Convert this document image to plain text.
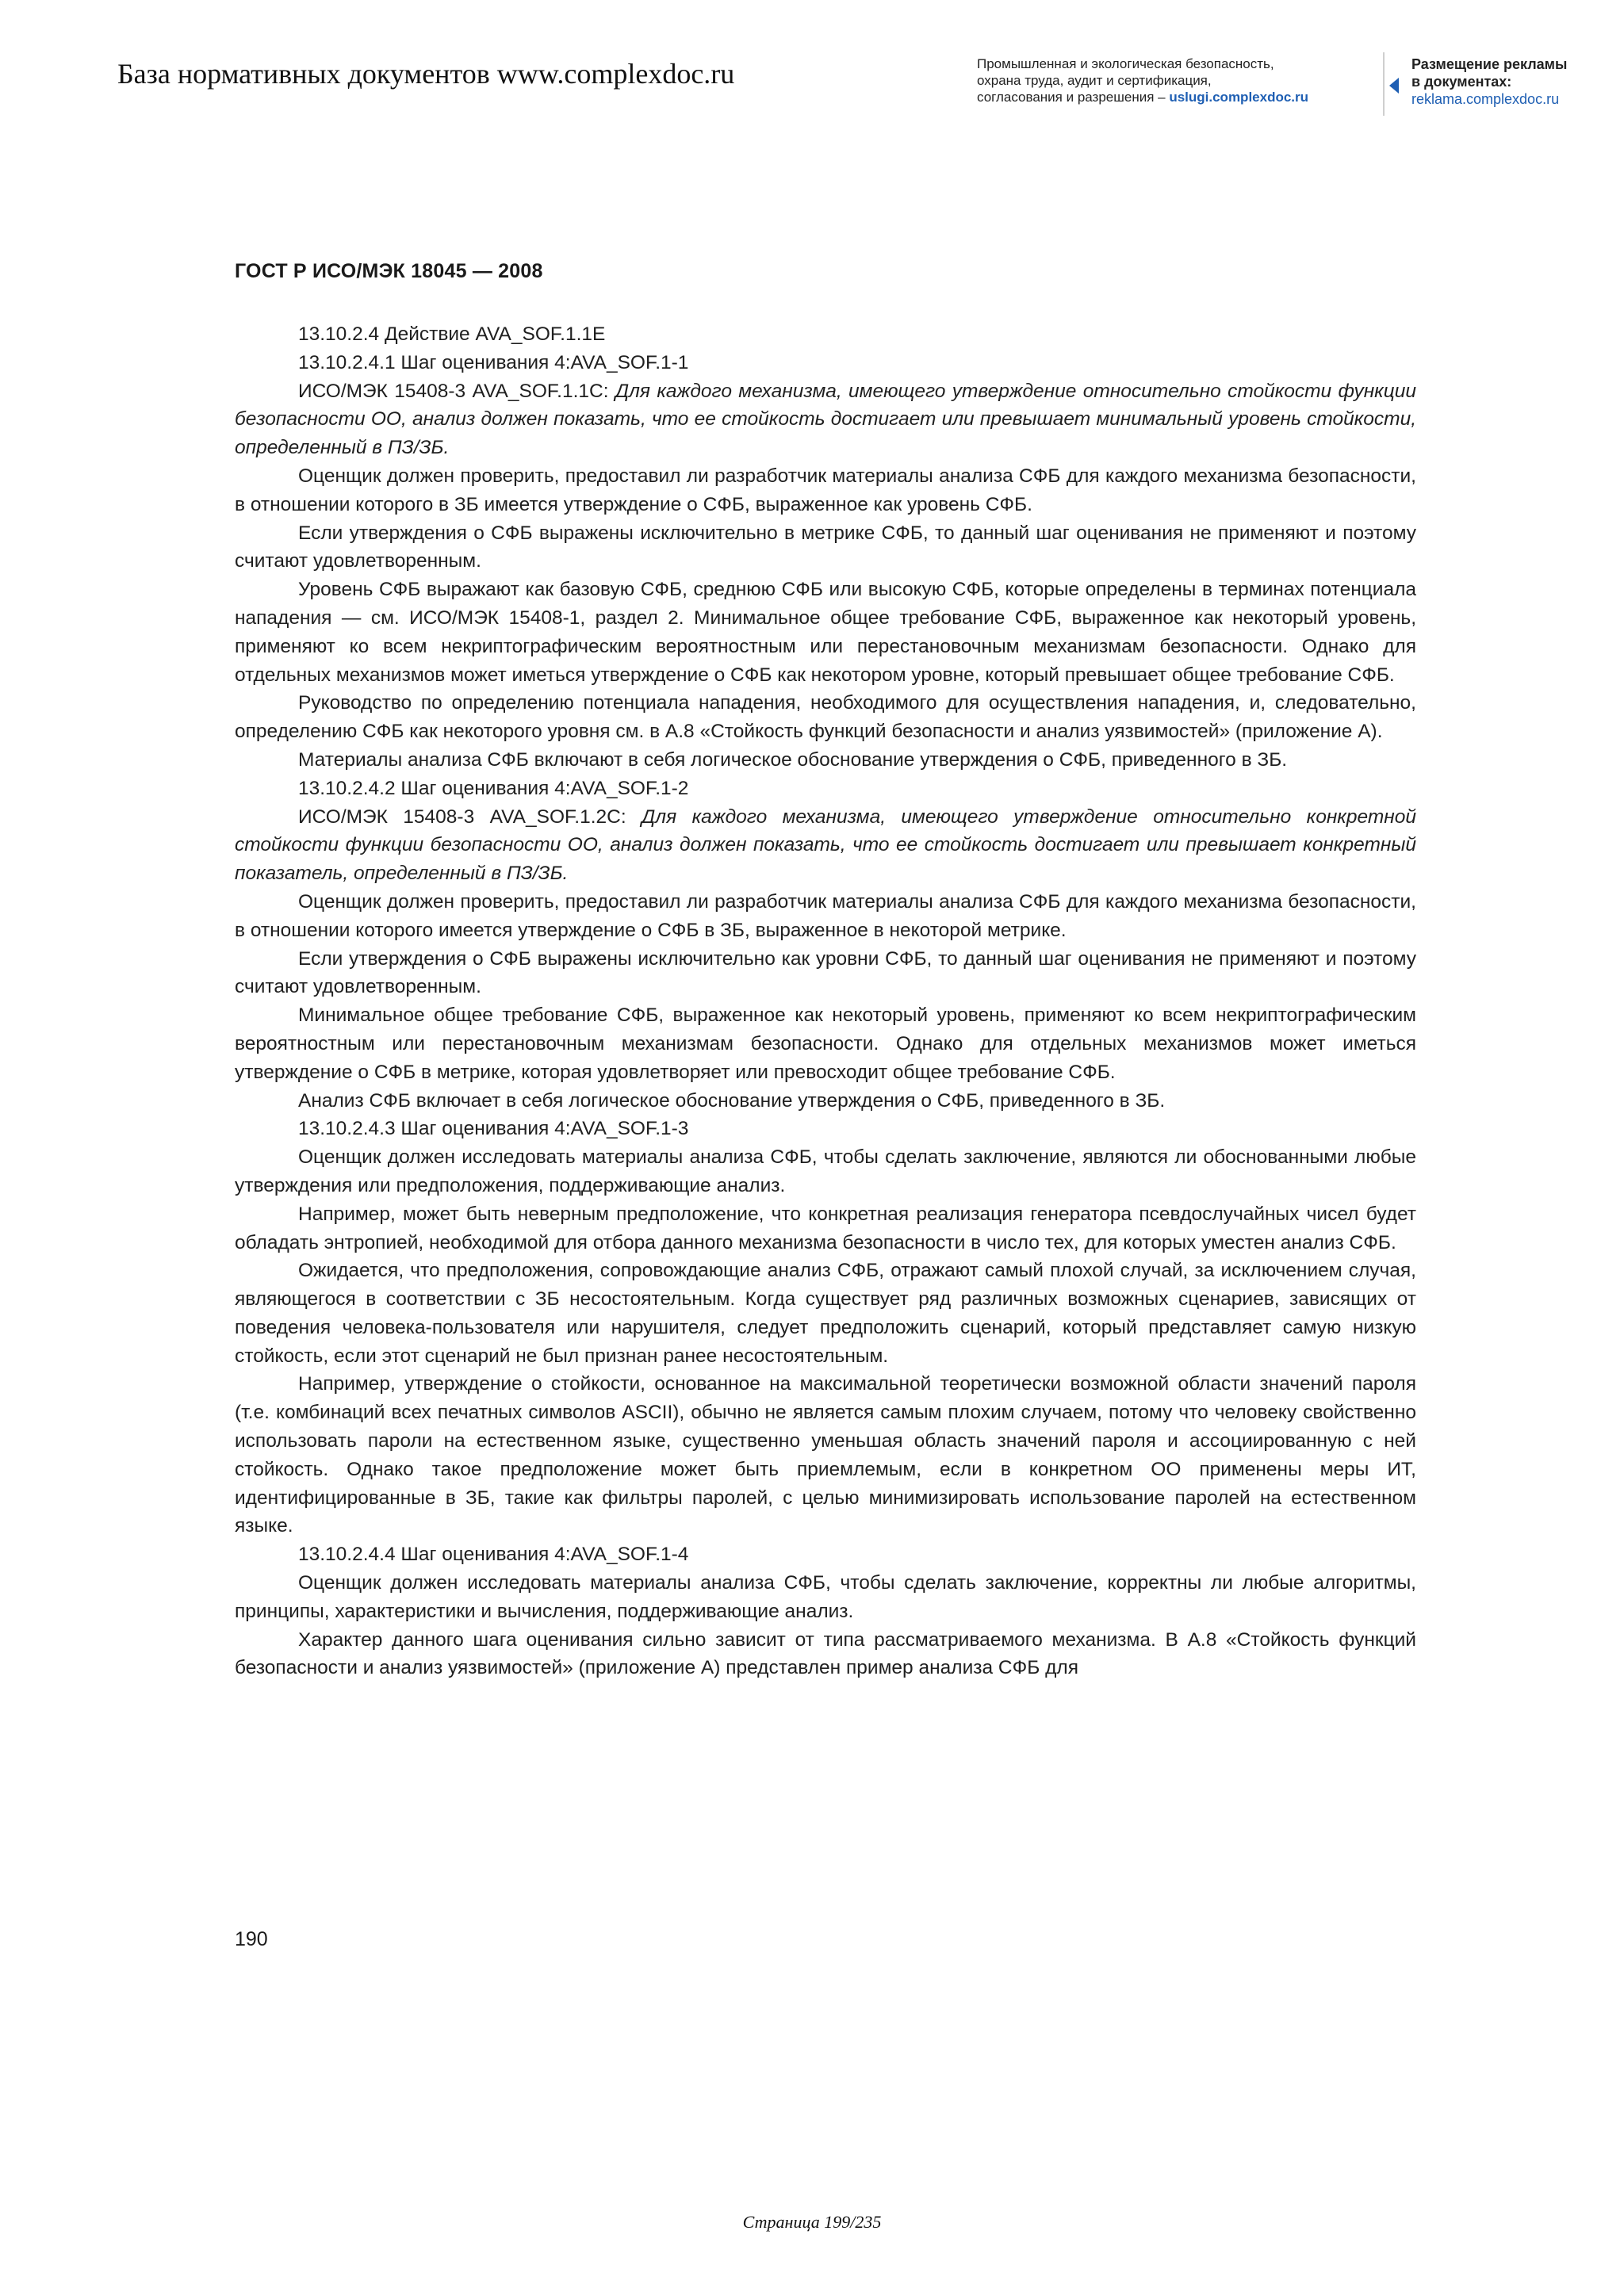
База нормативных документов www.complexdoc.ru	Промышленная и экологическая безопасность,
охрана труда, аудит и сертификация,
согласования и разрешения – uslugi.complexdoc.ru
Размещение рекламы
в документах:
reklama.complexdoc.ru
ГОСТ Р ИСО/МЭК 18045 — 2008

13.10.2.4 Действие AVA_SOF.1.1E

13.10.2.4.1 Шаг оценивания 4:AVA_SOF.1-1

ИСО/МЭК 15408-3 AVA_SOF.1.1C: Для каждого механизма, имеющего утверждение относительно стойкости функции безопасности ОО, анализ должен показать, что ее стойкость достигает или превышает минимальный уровень стойкости, определенный в ПЗ/ЗБ.

Оценщик должен проверить, предоставил ли разработчик материалы анализа СФБ для каждого механизма безопасности, в отношении которого в ЗБ имеется утверждение о СФБ, выраженное как уровень СФБ.

Если утверждения о СФБ выражены исключительно в метрике СФБ, то данный шаг оценивания не применяют и поэтому считают удовлетворенным.

Уровень СФБ выражают как базовую СФБ, среднюю СФБ или высокую СФБ, которые определены в терминах потенциала нападения — см. ИСО/МЭК 15408-1, раздел 2. Минимальное общее требование СФБ, выраженное как некоторый уровень, применяют ко всем некриптографическим вероятностным или перестановочным механизмам безопасности. Однако для отдельных механизмов может иметься утверждение о СФБ как некотором уровне, который превышает общее требование СФБ.

Руководство по определению потенциала нападения, необходимого для осуществления нападения, и, следовательно, определению СФБ как некоторого уровня см. в А.8 «Стойкость функций безопасности и анализ уязвимостей» (приложение А).

Материалы анализа СФБ включают в себя логическое обоснование утверждения о СФБ, приведенного в ЗБ.

13.10.2.4.2 Шаг оценивания 4:AVA_SOF.1-2

ИСО/МЭК 15408-3 AVA_SOF.1.2C: Для каждого механизма, имеющего утверждение относительно конкретной стойкости функции безопасности ОО, анализ должен показать, что ее стойкость достигает или превышает конкретный показатель, определенный в ПЗ/ЗБ.

Оценщик должен проверить, предоставил ли разработчик материалы анализа СФБ для каждого механизма безопасности, в отношении которого имеется утверждение о СФБ в ЗБ, выраженное в некоторой метрике.

Если утверждения о СФБ выражены исключительно как уровни СФБ, то данный шаг оценивания не применяют и поэтому считают удовлетворенным.

Минимальное общее требование СФБ, выраженное как некоторый уровень, применяют ко всем некриптографическим вероятностным или перестановочным механизмам безопасности. Однако для отдельных механизмов может иметься утверждение о СФБ в метрике, которая удовлетворяет или превосходит общее требование СФБ.

Анализ СФБ включает в себя логическое обоснование утверждения о СФБ, приведенного в ЗБ.

13.10.2.4.3 Шаг оценивания 4:AVA_SOF.1-3

Оценщик должен исследовать материалы анализа СФБ, чтобы сделать заключение, являются ли обоснованными любые утверждения или предположения, поддерживающие анализ.

Например, может быть неверным предположение, что конкретная реализация генератора псевдослучайных чисел будет обладать энтропией, необходимой для отбора данного механизма безопасности в число тех, для которых уместен анализ СФБ.

Ожидается, что предположения, сопровождающие анализ СФБ, отражают самый плохой случай, за исключением случая, являющегося в соответствии с ЗБ несостоятельным. Когда существует ряд различных возможных сценариев, зависящих от поведения человека-пользователя или нарушителя, следует предположить сценарий, который представляет самую низкую стойкость, если этот сценарий не был признан ранее несостоятельным.

Например, утверждение о стойкости, основанное на максимальной теоретически возможной области значений пароля (т.е. комбинаций всех печатных символов ASCII), обычно не является самым плохим случаем, потому что человеку свойственно использовать пароли на естественном языке, существенно уменьшая область значений пароля и ассоциированную с ней стойкость. Однако такое предположение может быть приемлемым, если в конкретном ОО применены меры ИТ, идентифицированные в ЗБ, такие как фильтры паролей, с целью минимизировать использование паролей на естественном языке.

13.10.2.4.4 Шаг оценивания 4:AVA_SOF.1-4

Оценщик должен исследовать материалы анализа СФБ, чтобы сделать заключение, корректны ли любые алгоритмы, принципы, характеристики и вычисления, поддерживающие анализ.

Характер данного шага оценивания сильно зависит от типа рассматриваемого механизма. В А.8 «Стойкость функций безопасности и анализ уязвимостей» (приложение А) представлен пример анализа СФБ для

190
Страница 199/235
